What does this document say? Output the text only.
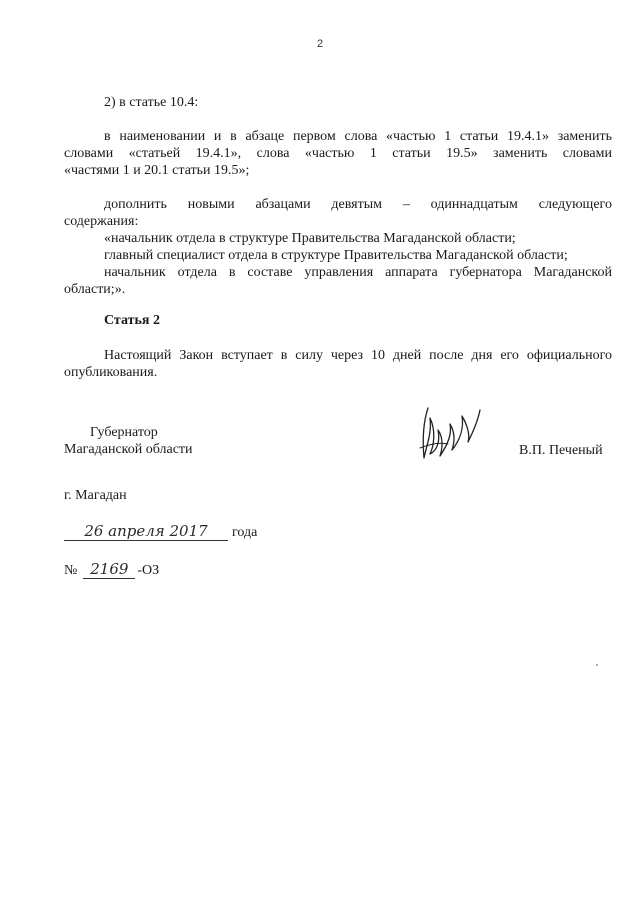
2

2) в статье 10.4:

в наименовании и в абзаце первом слова «частью 1 статьи 19.4.1» заменить

словами «статьей 19.4.1», слова «частью 1 статьи 19.5» заменить словами

«частями 1 и 20.1 статьи 19.5»;

дополнить новыми абзацами девятым – одиннадцатым следующего

содержания:

«начальник отдела в структуре Правительства Магаданской области;

главный специалист отдела в структуре Правительства Магаданской области;

начальник отдела в составе управления аппарата губернатора Магаданской

области;».

Статья 2

Настоящий Закон вступает в силу через 10 дней после дня его официального

опубликования.

Губернатор
Магаданской области	В.П. Печеный
г. Магадан
26 апреля 2017	года
№ 2169 -ОЗ
